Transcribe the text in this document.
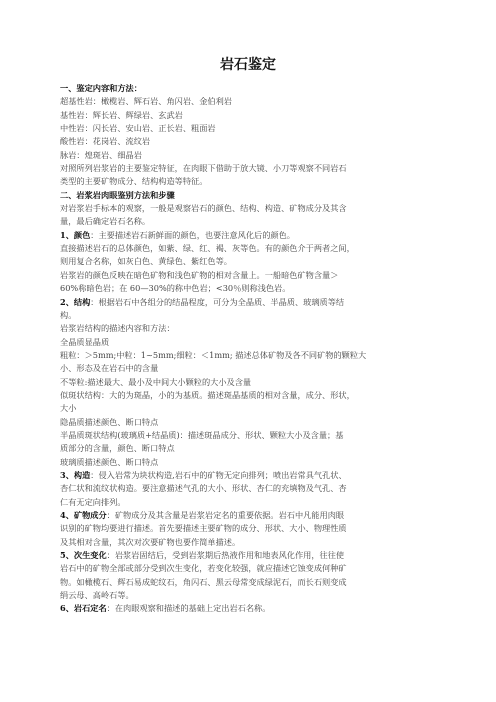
岩石鉴定
一、鉴定内容和方法：
超基性岩：橄榄岩、辉石岩、角闪岩、金伯利岩
基性岩：辉长岩、辉绿岩、玄武岩
中性岩：闪长岩、安山岩、正长岩、粗面岩
酸性岩：花岗岩、流纹岩
脉岩：煌斑岩、细晶岩
对照所列岩浆岩的主要鉴定特征，在肉眼下借助于放大镜、小刀等观察不同岩石
类型的主要矿物成分、结构构造等特征。
二、岩浆岩肉眼鉴别方法和步骤
对岩浆岩手标本的观察，一般是观察岩石的颜色、结构、构造、矿物成分及其含
量，最后确定岩石名称。
1、颜色：主要描述岩石新鲜面的颜色，也要注意风化后的颜色。
直接描述岩石的总体颜色，如紫、绿、红、褐、灰等色。有的颜色介于两者之间，
则用复合名称，如灰白色、黄绿色、紫红色等。
岩浆岩的颜色反映在暗色矿物和浅色矿物的相对含量上。一船暗色矿物含量＞
60%称暗色岩；在 60—30%的称中色岩；<30％则称浅色岩。
2、结构：根据岩石中各组分的结晶程度，可分为全晶质、半晶质、玻璃质等结
构。
岩浆岩结构的描述内容和方法：
全晶质显晶质
粗粒：＞5mm;中粒：1~5mm;细粒：＜1mm; 描述总体矿物及各不同矿物的颗粒大
小、形态及在岩石中的含量
不等粒:描述最大、最小及中间大小颗粒的大小及含量
似斑状结构：大的为斑晶，小的为基质。描述斑晶基质的相对含量，成分、形状，
大小
隐晶质描述颜色、断口特点
半晶质斑状结构(玻璃质+结晶质)：描述斑晶成分、形状、颗粒大小及含量；基
质部分的含量，颜色、断口特点
玻璃质描述颜色、断口特点
3、构造：侵入岩常为块状构造,岩石中的矿物无定向排列；喷出岩常具气孔状、
杏仁状和流纹状构造。要注意描述气孔的大小、形状、杏仁的充填物及气孔、杏
仁有无定向排列。
4、矿物成分：矿物成分及其含量是岩浆岩定名的重要依据。岩石中凡能用肉眼
识别的矿物均要进行描述。首先要描述主要矿物的成分、形状、大小、物理性质
及其相对含量，其次对次要矿物也要作简单描述。
5、次生变化：岩浆岩固结后，受到岩浆期后热液作用和地表风化作用，往往使
岩石中的矿物全部或部分受到次生变化，若变化较强，就应描述它蚀变成何种矿
物。如橄榄石、辉石易成蛇纹石，角闪石、黑云母常变成绿泥石，而长石则变成
绢云母、高岭石等。
6、岩石定名：在肉眼观察和描述的基础上定出岩石名称。
